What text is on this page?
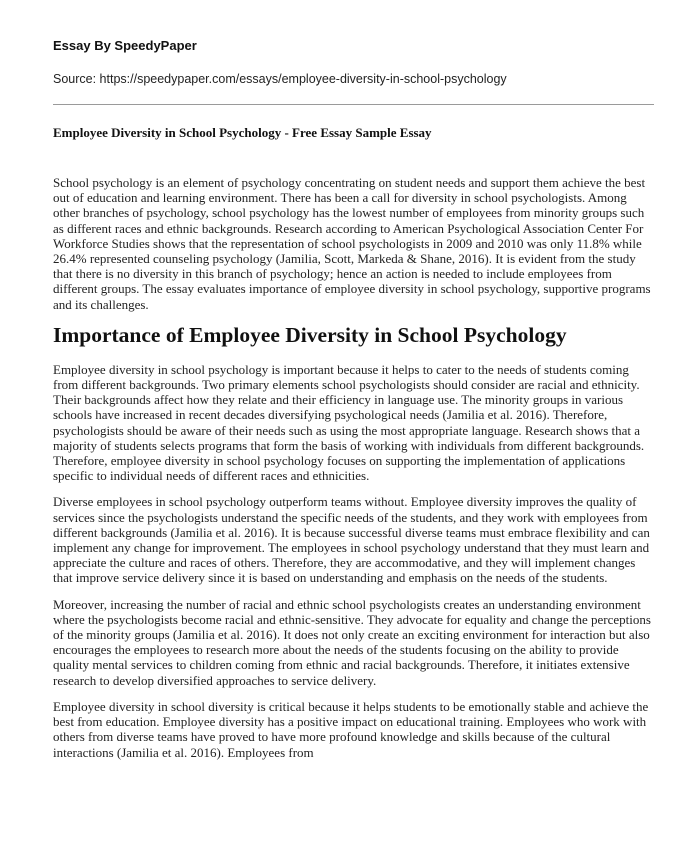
Essay By SpeedyPaper
Source: https://speedypaper.com/essays/employee-diversity-in-school-psychology
Employee Diversity in School Psychology - Free Essay Sample Essay

School psychology is an element of psychology concentrating on student needs and support them achieve the best out of education and learning environment. There has been a call for diversity in school psychologists. Among other branches of psychology, school psychology has the lowest number of employees from minority groups such as different races and ethnic backgrounds. Research according to American Psychological Association Center For Workforce Studies shows that the representation of school psychologists in 2009 and 2010 was only 11.8% while 26.4% represented counseling psychology (Jamilia, Scott, Markeda & Shane, 2016). It is evident from the study that there is no diversity in this branch of psychology; hence an action is needed to include employees from different groups. The essay evaluates importance of employee diversity in school psychology, supportive programs and its challenges.

Importance of Employee Diversity in School Psychology

Employee diversity in school psychology is important because it helps to cater to the needs of students coming from different backgrounds. Two primary elements school psychologists should consider are racial and ethnicity. Their backgrounds affect how they relate and their efficiency in language use. The minority groups in various schools have increased in recent decades diversifying psychological needs (Jamilia et al. 2016). Therefore, psychologists should be aware of their needs such as using the most appropriate language. Research shows that a majority of students selects programs that form the basis of working with individuals from different backgrounds. Therefore, employee diversity in school psychology focuses on supporting the implementation of applications specific to individual needs of different races and ethnicities.

Diverse employees in school psychology outperform teams without. Employee diversity improves the quality of services since the psychologists understand the specific needs of the students, and they work with employees from different backgrounds (Jamilia et al. 2016). It is because successful diverse teams must embrace flexibility and can implement any change for improvement. The employees in school psychology understand that they must learn and appreciate the culture and races of others. Therefore, they are accommodative, and they will implement changes that improve service delivery since it is based on understanding and emphasis on the needs of the students.

Moreover, increasing the number of racial and ethnic school psychologists creates an understanding environment where the psychologists become racial and ethnic-sensitive. They advocate for equality and change the perceptions of the minority groups (Jamilia et al. 2016). It does not only create an exciting environment for interaction but also encourages the employees to research more about the needs of the students focusing on the ability to provide quality mental services to children coming from ethnic and racial backgrounds. Therefore, it initiates extensive research to develop diversified approaches to service delivery.

Employee diversity in school diversity is critical because it helps students to be emotionally stable and achieve the best from education. Employee diversity has a positive impact on educational training. Employees who work with others from diverse teams have proved to have more profound knowledge and skills because of the cultural interactions (Jamilia et al. 2016). Employees from
